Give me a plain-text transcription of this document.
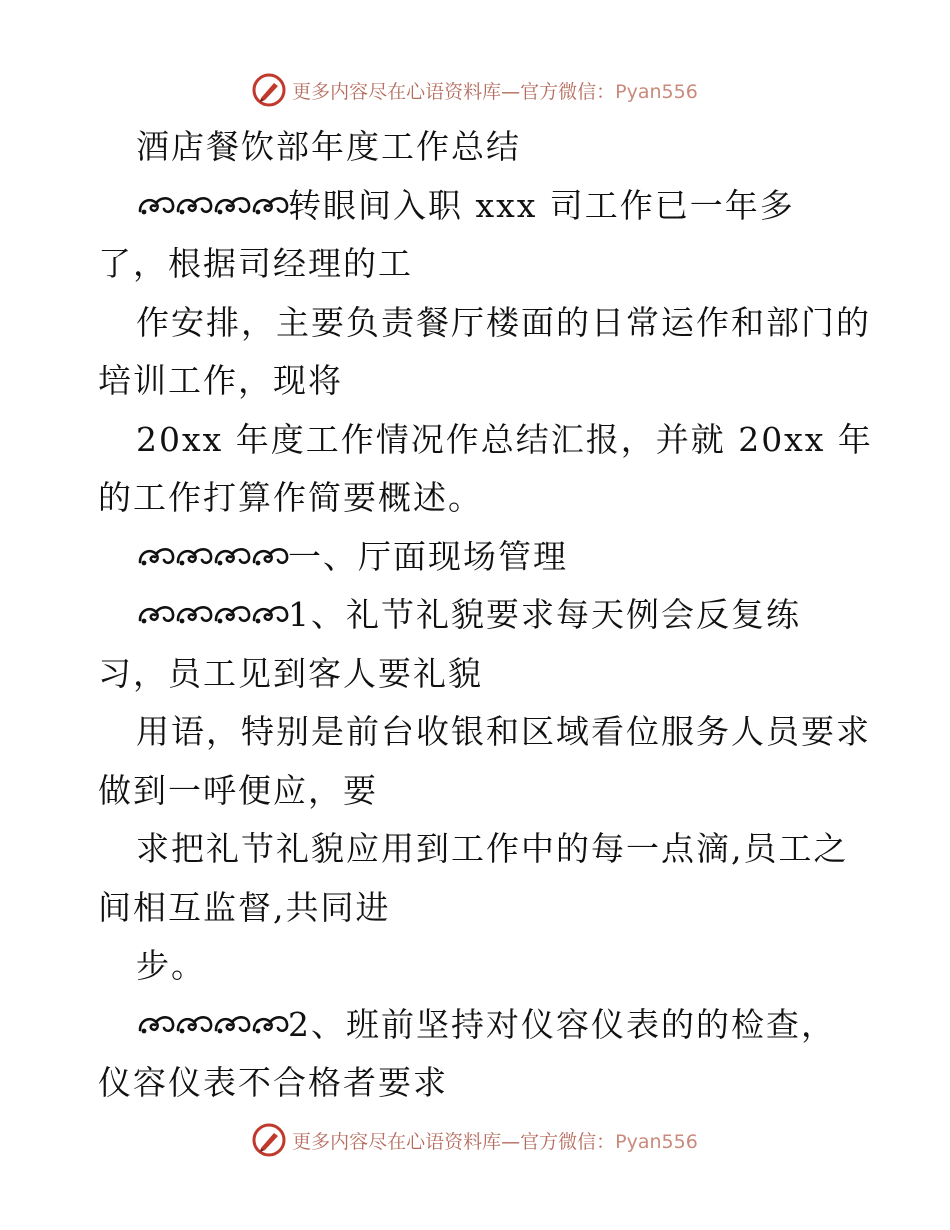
更多内容尽在心语资料库—官方微信：Pyan556
酒店餐饮部年度工作总结
转眼间入职 xxx 司工作已一年多
了，根据司经理的工
作安排，主要负责餐厅楼面的日常运作和部门的
培训工作，现将
20xx 年度工作情况作总结汇报，并就 20xx 年
的工作打算作简要概述。
一、厅面现场管理
1、礼节礼貌要求每天例会反复练
习，员工见到客人要礼貌
用语，特别是前台收银和区域看位服务人员要求
做到一呼便应，要
求把礼节礼貌应用到工作中的每一点滴,员工之
间相互监督,共同进
步。
2、班前坚持对仪容仪表的的检查，
仪容仪表不合格者要求
更多内容尽在心语资料库—官方微信：Pyan556
